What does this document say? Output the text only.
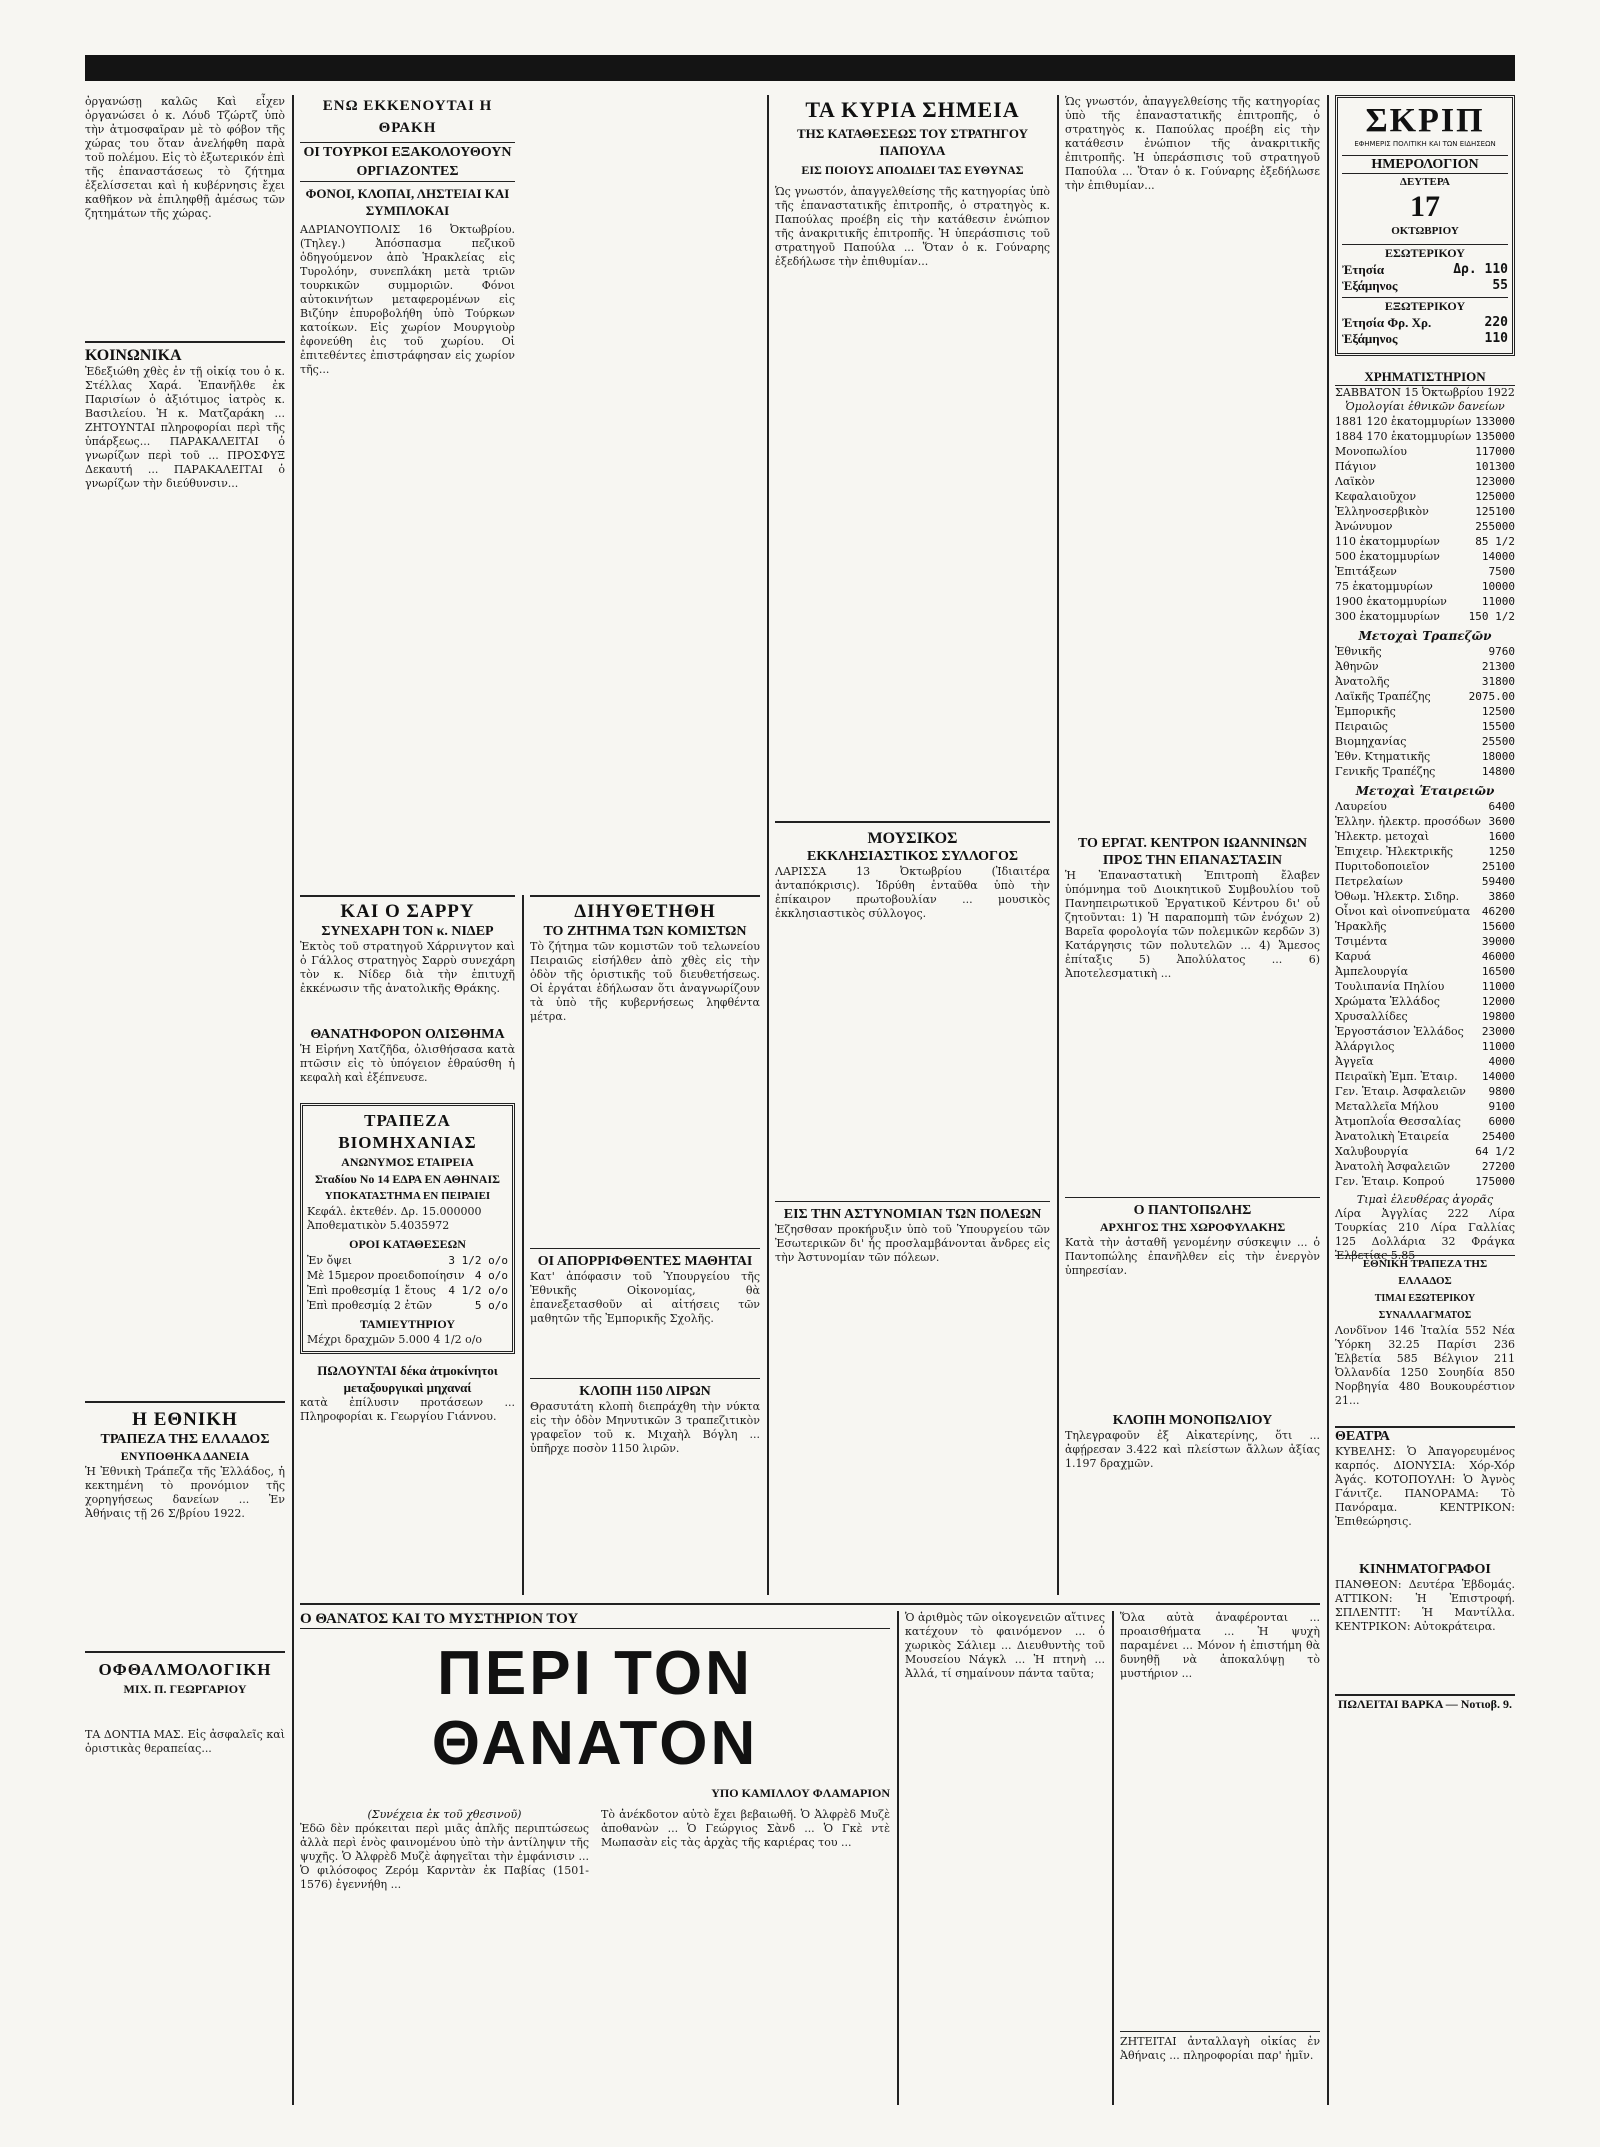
ὀργανώσῃ καλῶς Καὶ εἶχεν ὀργανώσει ὁ κ. Λόυδ Τζώρτζ ὑπὸ τὴν ἀτμοσφαῖραν μὲ τὸ φόβον τῆς χώρας του ὅταν ἀνελήφθη παρὰ τοῦ πολέμου. Εἰς τὸ ἐξωτερικόν ἐπὶ τῆς ἐπαναστάσεως τὸ ζήτημα ἐξελίσσεται καὶ ἡ κυβέρνησις ἔχει καθῆκον νὰ ἐπιληφθῇ ἀμέσως τῶν ζητημάτων τῆς χώρας.
ΚΟΙΝΩΝΙΚΑ
Ἐδεξιώθη χθὲς ἐν τῇ οἰκίᾳ του ὁ κ. Στέλλας Χαρά. Ἐπανῆλθε ἐκ Παρισίων ὁ ἀξιότιμος ἰατρὸς κ. Βασιλείου. Ἡ κ. Ματζαράκη ... ΖΗΤΟΥΝΤΑΙ πληροφορίαι περὶ τῆς ὑπάρξεως... ΠΑΡΑΚΑΛΕΙΤΑΙ ὁ γνωρίζων περὶ τοῦ ... ΠΡΟΣΦΥΞ Δεκαυτή ... ΠΑΡΑΚΑΛΕΙΤΑΙ ὁ γνωρίζων τὴν διεύθυνσιν...
Η ΕΘΝΙΚΗ
ΤΡΑΠΕΖΑ ΤΗΣ ΕΛΛΑΔΟΣ
ΕΝΥΠΟΘΗΚΑ ΔΑΝΕΙΑ
Ἡ Ἐθνικὴ Τράπεζα τῆς Ἑλλάδος, ἡ κεκτημένη τὸ προνόμιον τῆς χορηγήσεως δανείων ... Ἐν Ἀθήναις τῇ 26 Σ/βρίου 1922.
ΟΦΘΑΛΜΟΛΟΓΙΚΗ
ΜΙΧ. Π. ΓΕΩΡΓΑΡΙΟΥ
ΤΑ ΔΟΝΤΙΑ ΜΑΣ. Εἰς ἀσφαλεῖς καὶ ὁριστικὰς θεραπείας...
ΕΝΩ ΕΚΚΕΝΟΥΤΑΙ Η ΘΡΑΚΗ
ΟΙ ΤΟΥΡΚΟΙ ΕΞΑΚΟΛΟΥΘΟΥΝ ΟΡΓΙΑΖΟΝΤΕΣ
ΦΟΝΟΙ, ΚΛΟΠΑΙ, ΛΗΣΤΕΙΑΙ ΚΑΙ ΣΥΜΠΛΟΚΑΙ
ΑΔΡΙΑΝΟΥΠΟΛΙΣ 16 Ὀκτωβρίου. (Τηλεγ.) Ἀπόσπασμα πεζικοῦ ὁδηγούμενον ἀπὸ Ἡρακλείας εἰς Τυρολόην, συνεπλάκη μετὰ τριῶν τουρκικῶν συμμοριῶν. Φόνοι αὐτοκινήτων μεταφερομένων εἰς Βιζύην ἐπυροβολήθη ὑπὸ Τούρκων κατοίκων. Εἰς χωρίον Μουργιοὺρ ἐφονεύθη ἐις τοῦ χωρίου. Οἱ ἐπιτεθέντες ἐπιστράφησαν εἰς χωρίον τῆς...
ΚΑΙ Ο ΣΑΡΡΥ
ΣΥΝΕΧΑΡΗ ΤΟΝ κ. ΝΙΔΕΡ
Ἐκτὸς τοῦ στρατηγοῦ Χάρρινγτον καὶ ὁ Γάλλος στρατηγὸς Σαρρὺ συνεχάρη τὸν κ. Νίδερ διὰ τὴν ἐπιτυχῆ ἐκκένωσιν τῆς ἀνατολικῆς Θράκης.
ΘΑΝΑΤΗΦΟΡΟΝ ΟΛΙΣΘΗΜΑ
Ἡ Εἰρήνη Χατζῆδα, ὀλισθήσασα κατὰ πτῶσιν εἰς τὸ ὑπόγειον ἐθραύσθη ἡ κεφαλὴ καὶ ἐξέπνευσε.
ΤΡΑΠΕΖΑ ΒΙΟΜΗΧΑΝΙΑΣ
ΑΝΩΝΥΜΟΣ ΕΤΑΙΡΕΙΑ
Σταδίου No 14 ΕΔΡΑ ΕΝ ΑΘΗΝΑΙΣ
ΥΠΟΚΑΤΑΣΤΗΜΑ ΕΝ ΠΕΙΡΑΙΕΙ
Κεφάλ. ἐκτεθέν. Δρ. 15.000000
Ἀποθεματικὸν 5.4035972
ΟΡΟΙ ΚΑΤΑΘΕΣΕΩΝ
Ἐν ὄψει	3 1/2 ο/ο
Μὲ 15μερον προειδοποίησιν 4 ο/ο
Ἐπὶ προθεσμίᾳ 1 ἔτους 4 1/2 ο/ο
Ἐπὶ προθεσμίᾳ 2 ἐτῶν	5 ο/ο
ΤΑΜΙΕΥΤΗΡΙΟΥ
Μέχρι δραχμῶν 5.000 4 1/2 ο/ο
ΠΩΛΟΥΝΤΑΙ δέκα ἀτμοκίνητοι μεταξουργικαὶ μηχαναί
κατὰ ἐπίλυσιν προτάσεων ... Πληροφορίαι κ. Γεωργίου Γιάννου.
ΔΙΗΥΘΕΤΗΘΗ
ΤΟ ΖΗΤΗΜΑ ΤΩΝ ΚΟΜΙΣΤΩΝ
Τὸ ζήτημα τῶν κομιστῶν τοῦ τελωνείου Πειραιῶς εἰσήλθεν ἀπὸ χθὲς εἰς τὴν ὁδὸν τῆς ὁριστικῆς τοῦ διευθετήσεως. Οἱ ἐργάται ἐδήλωσαν ὅτι ἀναγνωρίζουν τὰ ὑπὸ τῆς κυβερνήσεως ληφθέντα μέτρα.
ΟΙ ΑΠΟΡΡΙΦΘΕΝΤΕΣ ΜΑΘΗΤΑΙ
Κατ' ἀπόφασιν τοῦ Ὑπουργείου τῆς Ἐθνικῆς Οἰκονομίας, θὰ ἐπανεξετασθοῦν αἱ αἰτήσεις τῶν μαθητῶν τῆς Ἐμπορικῆς Σχολῆς.
ΚΛΟΠΗ 1150 ΛΙΡΩΝ
Θρασυτάτη κλοπὴ διεπράχθη τὴν νύκτα εἰς τὴν ὁδὸν Μηνυτικῶν 3 τραπεζιτικὸν γραφεῖον τοῦ κ. Μιχαὴλ Βόγλη ... ὑπῆρχε ποσὸν 1150 λιρῶν.
ΤΑ ΚΥΡΙΑ ΣΗΜΕΙΑ
ΤΗΣ ΚΑΤΑΘΕΣΕΩΣ ΤΟΥ ΣΤΡΑΤΗΓΟΥ ΠΑΠΟΥΛΑ
ΕΙΣ ΠΟΙΟΥΣ ΑΠΟΔΙΔΕΙ ΤΑΣ ΕΥΘΥΝΑΣ
Ὡς γνωστόν, ἀπαγγελθείσης τῆς κατηγορίας ὑπὸ τῆς ἐπαναστατικῆς ἐπιτροπῆς, ὁ στρατηγὸς κ. Παπούλας προέβη εἰς τὴν κατάθεσιν ἐνώπιον τῆς ἀνακριτικῆς ἐπιτροπῆς. Ἡ ὑπεράσπισις τοῦ στρατηγοῦ Παπούλα ... Ὅταν ὁ κ. Γούναρης ἐξεδήλωσε τὴν ἐπιθυμίαν...
ΜΟΥΣΙΚΟΣ
ΕΚΚΛΗΣΙΑΣΤΙΚΟΣ ΣΥΛΛΟΓΟΣ
ΛΑΡΙΣΣΑ 13 Ὀκτωβρίου (Ἰδιαιτέρα ἀνταπόκρισις). Ἱδρύθη ἐνταῦθα ὑπὸ τὴν ἐπίκαιρον πρωτοβουλίαν ... μουσικὸς ἐκκλησιαστικὸς σύλλογος.
ΕΙΣ ΤΗΝ ΑΣΤΥΝΟΜΙΑΝ ΤΩΝ ΠΟΛΕΩΝ
Ἐζησθσαν προκήρυξιν ὑπὸ τοῦ Ὑπουργείου τῶν Ἐσωτερικῶν δι' ἧς προσλαμβάνονται ἄνδρες εἰς τὴν Ἀστυνομίαν τῶν πόλεων.
ΤΟ ΕΡΓΑΤ. ΚΕΝΤΡΟΝ ΙΩΑΝΝΙΝΩΝ
ΠΡΟΣ ΤΗΝ ΕΠΑΝΑΣΤΑΣΙΝ
Ἡ Ἐπαναστατικὴ Ἐπιτροπὴ ἔλαβεν ὑπόμνημα τοῦ Διοικητικοῦ Συμβουλίου τοῦ Πανηπειρωτικοῦ Ἐργατικοῦ Κέντρου δι' οὗ ζητοῦνται: 1) Ἡ παραπομπὴ τῶν ἐνόχων 2) Βαρεῖα φορολογία τῶν πολεμικῶν κερδῶν 3) Κατάργησις τῶν πολυτελῶν ... 4) Ἄμεσος ἐπίταξις 5) Ἀπολύλατος ... 6) Ἀποτελεσματικὴ ...
Ο ΠΑΝΤΟΠΩΛΗΣ
ΑΡΧΗΓΟΣ ΤΗΣ ΧΩΡΟΦΥΛΑΚΗΣ
Κατὰ τὴν ἀσταθῆ γενομένην σύσκεψιν ... ὁ Παντοπώλης ἐπανῆλθεν εἰς τὴν ἐνεργὸν ὑπηρεσίαν.
ΚΛΟΠΗ ΜΟΝΟΠΩΛΙΟΥ
Τηλεγραφοῦν ἐξ Αἰκατερίνης, ὅτι ... ἀφῄρεσαν 3.422 καὶ πλείστων ἄλλων ἀξίας 1.197 δραχμῶν.
Ὡς γνωστόν, ἀπαγγελθείσης τῆς κατηγορίας ὑπὸ τῆς ἐπαναστατικῆς ἐπιτροπῆς, ὁ στρατηγὸς κ. Παπούλας προέβη εἰς τὴν κατάθεσιν ἐνώπιον τῆς ἀνακριτικῆς ἐπιτροπῆς. Ἡ ὑπεράσπισις τοῦ στρατηγοῦ Παπούλα ... Ὅταν ὁ κ. Γούναρης ἐξεδήλωσε τὴν ἐπιθυμίαν...
ΣΚΡΙΠ
ΕΦΗΜΕΡΙΣ ΠΟΛΙΤΙΚΗ ΚΑΙ ΤΩΝ ΕΙΔΗΣΕΩΝ
ΗΜΕΡΟΛΟΓΙΟΝ
ΔΕΥΤΕΡΑ
17
ΟΚΤΩΒΡΙΟΥ
ΕΣΩΤΕΡΙΚΟΥ
Ἐτησία	Δρ. 110
Ἑξάμηνος	55
ΕΞΩΤΕΡΙΚΟΥ
Ἐτησία Φρ. Χρ.	220
Ἑξάμηνος	110
ΧΡΗΜΑΤΙΣΤΗΡΙΟΝ
ΣΑΒΒΑΤΟΝ 15 Ὀκτωβρίου 1922
Ὁμολογίαι ἐθνικῶν δανείων
1881 120 ἑκατομμυρίων 133000
1884 170 ἑκατομμυρίων 135000
Μονοπωλίου	117000
Πάγιον	101300
Λαϊκὸν	123000
Κεφαλαιοῦχον	125000
Ἐλληνοσερβικὸν	125100
Ἀνώνυμον	255000
110 ἑκατομμυρίων	85 1/2
500 ἑκατομμυρίων	14000
Ἐπιτάξεων	7500
75 ἑκατομμυρίων	10000
1900 ἑκατομμυρίων	11000
300 ἑκατομμυρίων	150 1/2
Μετοχαὶ Τραπεζῶν
Ἐθνικῆς	9760
Ἀθηνῶν	21300
Ἀνατολῆς	31800
Λαϊκῆς Τραπέζης	2075.00
Ἐμπορικῆς	12500
Πειραιῶς	15500
Βιομηχανίας	25500
Ἐθν. Κτηματικῆς	18000
Γενικῆς Τραπέζης	14800
Μετοχαὶ Ἑταιρειῶν
Λαυρείου	6400
Ἑλλην. ἠλεκτρ. προσόδων 3600
Ἠλεκτρ. μετοχαὶ	1600
Ἐπιχειρ. Ἠλεκτρικῆς	1250
Πυριτοδοποιεῖον	25100
Πετρελαίων	59400
Ὀθωμ. Ἠλεκτρ. Σιδηρ.	3860
Οἶνοι καὶ οἰνοπνεύματα 46200
Ἡρακλῆς	15600
Τσιμέντα	39000
Καρυά	46000
Ἀμπελουργία	16500
Τουλιπανία Πηλίου	11000
Χρώματα Ἑλλάδος	12000
Χρυσαλλίδες	19800
Ἐργοστάσιον Ἑλλάδος 23000
Ἀλάργιλος	11000
Ἀγγεῖα	4000
Πειραϊκὴ Ἐμπ. Ἑταιρ. 14000
Γεν. Ἑταιρ. Ἀσφαλειῶν 9800
Μεταλλεῖα Μήλου	9100
Ἀτμοπλοΐα Θεσσαλίας	6000
Ἀνατολικὴ Ἑταιρεία	25400
Χαλυβουργία	64 1/2
Ἀνατολὴ Ἀσφαλειῶν	27200
Γεν. Ἑταιρ. Κοπρού	175000
Τιμαὶ ἐλευθέρας ἀγορᾶς
Λίρα Ἀγγλίας 222 Λίρα Τουρκίας 210 Λίρα Γαλλίας 125 Δολλάρια 32 Φράγκα Ἑλβετίας 5.85
ΕΘΝΙΚΗ ΤΡΑΠΕΖΑ ΤΗΣ ΕΛΛΑΔΟΣ
ΤΙΜΑΙ ΕΞΩΤΕΡΙΚΟΥ ΣΥΝΑΛΛΑΓΜΑΤΟΣ
Λονδῖνον 146 Ἰταλία 552 Νέα Ὑόρκη 32.25 Παρίσι 236 Ἑλβετία 585 Βέλγιον 211 Ὀλλανδία 1250 Σουηδία 850 Νορβηγία 480 Βουκουρέστιον 21...
ΘΕΑΤΡΑ
ΚΥΒΕΛΗΣ: Ὁ Ἀπαγορευμένος καρπός. ΔΙΟΝΥΣΙΑ: Χόρ-Χόρ Ἀγάς. ΚΟΤΟΠΟΥΛΗ: Ὁ Ἀγνὸς Γάνιτζε. ΠΑΝΟΡΑΜΑ: Τὸ Πανόραμα. ΚΕΝΤΡΙΚΟΝ: Ἐπιθεώρησις.
ΚΙΝΗΜΑΤΟΓΡΑΦΟΙ
ΠΑΝΘΕΟΝ: Δευτέρα Ἑβδομάς. ΑΤΤΙΚΟΝ: Ἡ Ἐπιστροφή. ΣΠΛΕΝΤΙΤ: Ἡ Μαντίλλα. ΚΕΝΤΡΙΚΟΝ: Αὐτοκράτειρα.
ΠΩΛΕΙΤΑΙ ΒΑΡΚΑ — Νοτιοβ. 9.
Ο ΘΑΝΑΤΟΣ ΚΑΙ ΤΟ ΜΥΣΤΗΡΙΟΝ ΤΟΥ
ΠΕΡΙ ΤΟΝ ΘΑΝΑΤΟΝ
ΥΠΟ ΚΑΜΙΛΛΟΥ ΦΛΑΜΑΡΙΟΝ
(Συνέχεια ἐκ τοῦ χθεσινοῦ)
Ἐδῶ δὲν πρόκειται περὶ μιᾶς ἁπλῆς περιπτώσεως ἀλλὰ περὶ ἑνὸς φαινομένου ὑπὸ τὴν ἀντίληψιν τῆς ψυχῆς. Ὁ Ἀλφρὲδ Μυζὲ ἀφηγεῖται τὴν ἐμφάνισιν ... Ὁ φιλόσοφος Ζερόμ Καρντὰν ἐκ Παβίας (1501-1576) ἐγεννήθη ...
Τὸ ἀνέκδοτον αὐτὸ ἔχει βεβαιωθῆ. Ὁ Ἀλφρὲδ Μυζὲ ἀποθανὼν ... Ὁ Γεώργιος Σὰνδ ... Ὁ Γκὲ ντὲ Μωπασὰν εἰς τὰς ἀρχὰς τῆς καριέρας του ...
Ὁ ἀριθμὸς τῶν οἰκογενειῶν αἵτινες κατέχουν τὸ φαινόμενον ... ὁ χωρικὸς Σάλιεμ ... Διευθυντὴς τοῦ Μουσείου Νάγκλ ... Ἡ πτηνὴ ... Ἀλλά, τί σημαίνουν πάντα ταῦτα;
Ὅλα αὐτὰ ἀναφέρονται ... προαισθήματα ... Ἡ ψυχὴ παραμένει ... Μόνον ἡ ἐπιστήμη θὰ δυνηθῇ νὰ ἀποκαλύψῃ τὸ μυστήριον ...
ΖΗΤΕΙΤΑΙ ἀνταλλαγὴ οἰκίας ἐν Ἀθήναις ... πληροφορίαι παρ' ἡμῖν.
